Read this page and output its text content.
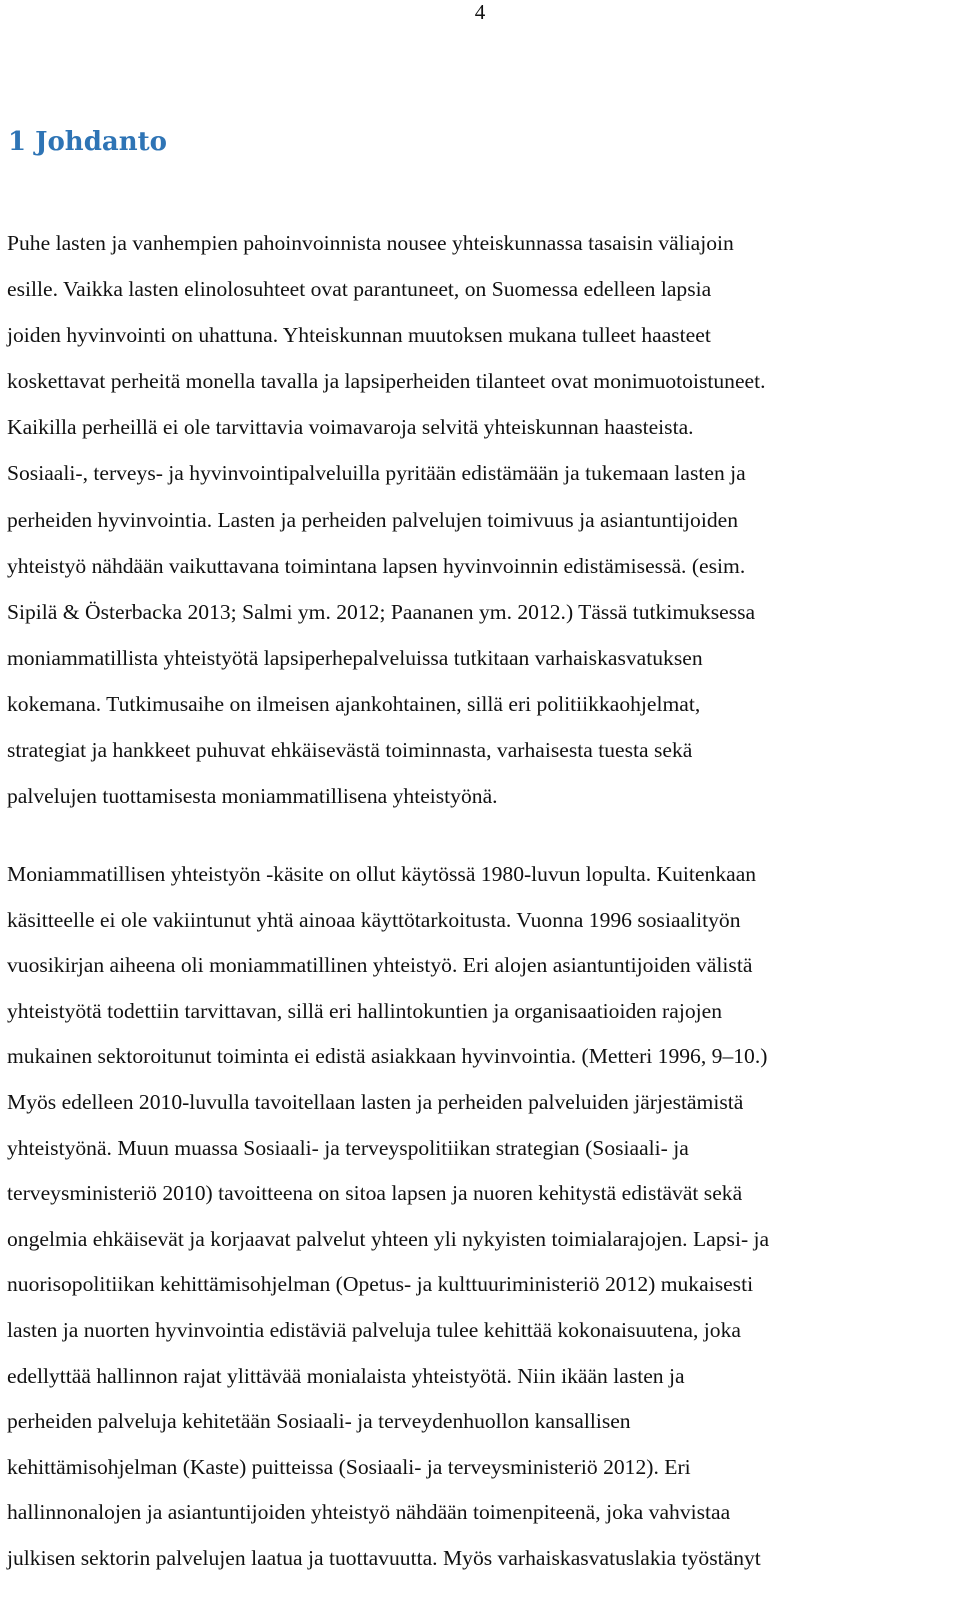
4
1 Johdanto
Puhe lasten ja vanhempien pahoinvoinnista nousee yhteiskunnassa tasaisin väliajoin
esille. Vaikka lasten elinolosuhteet ovat parantuneet, on Suomessa edelleen lapsia
joiden hyvinvointi on uhattuna. Yhteiskunnan muutoksen mukana tulleet haasteet
koskettavat perheitä monella tavalla ja lapsiperheiden tilanteet ovat monimuotoistuneet.
Kaikilla perheillä ei ole tarvittavia voimavaroja selvitä yhteiskunnan haasteista.
Sosiaali-, terveys- ja hyvinvointipalveluilla pyritään edistämään ja tukemaan lasten ja
perheiden hyvinvointia. Lasten ja perheiden palvelujen toimivuus ja asiantuntijoiden
yhteistyö nähdään vaikuttavana toimintana lapsen hyvinvoinnin edistämisessä. (esim.
Sipilä & Österbacka 2013; Salmi ym. 2012; Paananen ym. 2012.) Tässä tutkimuksessa
moniammatillista yhteistyötä lapsiperhepalveluissa tutkitaan varhaiskasvatuksen
kokemana. Tutkimusaihe on ilmeisen ajankohtainen, sillä eri politiikkaohjelmat,
strategiat ja hankkeet puhuvat ehkäisevästä toiminnasta, varhaisesta tuesta sekä
palvelujen tuottamisesta moniammatillisena yhteistyönä.
Moniammatillisen yhteistyön -käsite on ollut käytössä 1980-luvun lopulta. Kuitenkaan
käsitteelle ei ole vakiintunut yhtä ainoaa käyttötarkoitusta. Vuonna 1996 sosiaalityön
vuosikirjan aiheena oli moniammatillinen yhteistyö. Eri alojen asiantuntijoiden välistä
yhteistyötä todettiin tarvittavan, sillä eri hallintokuntien ja organisaatioiden rajojen
mukainen sektoroitunut toiminta ei edistä asiakkaan hyvinvointia. (Metteri 1996, 9–10.)
Myös edelleen 2010-luvulla tavoitellaan lasten ja perheiden palveluiden järjestämistä
yhteistyönä. Muun muassa Sosiaali- ja terveyspolitiikan strategian (Sosiaali- ja
terveysministeriö 2010) tavoitteena on sitoa lapsen ja nuoren kehitystä edistävät sekä
ongelmia ehkäisevät ja korjaavat palvelut yhteen yli nykyisten toimialarajojen. Lapsi- ja
nuorisopolitiikan kehittämisohjelman (Opetus- ja kulttuuriministeriö 2012) mukaisesti
lasten ja nuorten hyvinvointia edistäviä palveluja tulee kehittää kokonaisuutena, joka
edellyttää hallinnon rajat ylittävää monialaista yhteistyötä. Niin ikään lasten ja
perheiden palveluja kehitetään Sosiaali- ja terveydenhuollon kansallisen
kehittämisohjelman (Kaste) puitteissa (Sosiaali- ja terveysministeriö 2012). Eri
hallinnonalojen ja asiantuntijoiden yhteistyö nähdään toimenpiteenä, joka vahvistaa
julkisen sektorin palvelujen laatua ja tuottavuutta. Myös varhaiskasvatuslakia työstänyt
